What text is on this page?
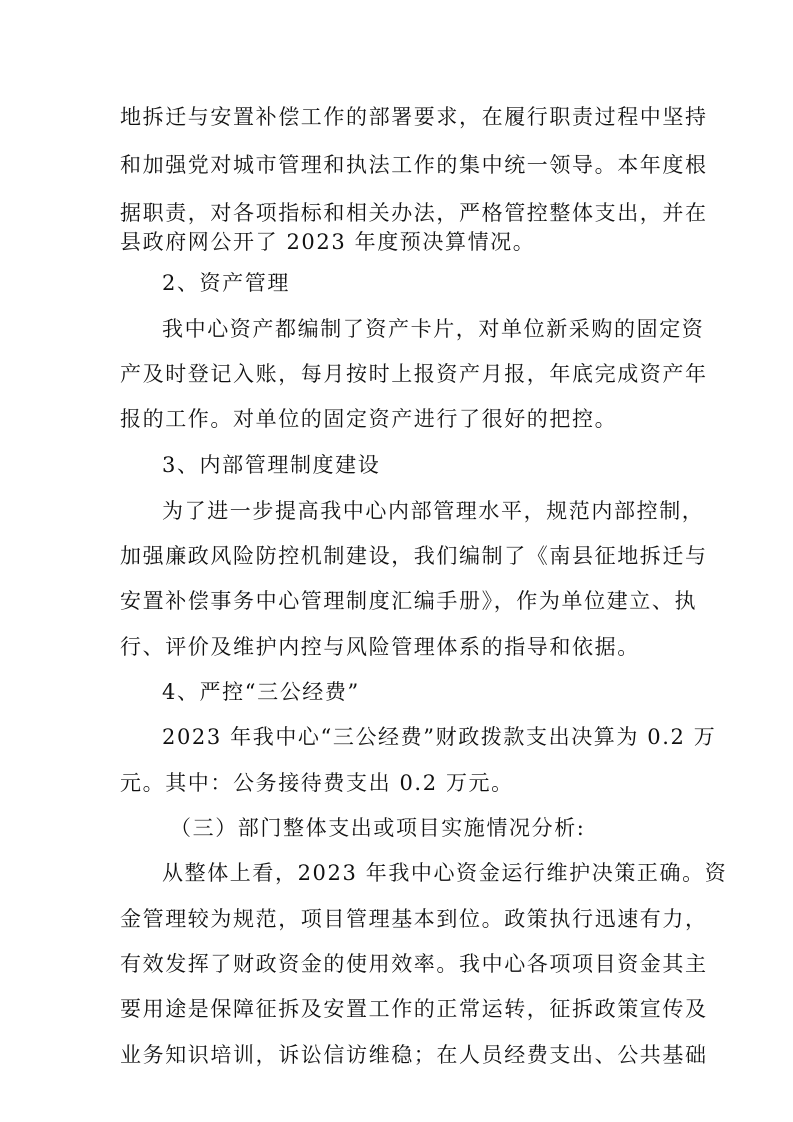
地拆迁与安置补偿工作的部署要求，在履行职责过程中坚持
和加强党对城市管理和执法工作的集中统一领导。本年度根
据职责，对各项指标和相关办法，严格管控整体支出，并在
县政府网公开了 2023 年度预决算情况。
2、资产管理
我中心资产都编制了资产卡片，对单位新采购的固定资
产及时登记入账，每月按时上报资产月报，年底完成资产年
报的工作。对单位的固定资产进行了很好的把控。
3、内部管理制度建设
为了进一步提高我中心内部管理水平，规范内部控制，
加强廉政风险防控机制建设，我们编制了《南县征地拆迁与
安置补偿事务中心管理制度汇编手册》，作为单位建立、执
行、评价及维护内控与风险管理体系的指导和依据。
4、严控“三公经费”
2023 年我中心“三公经费”财政拨款支出决算为 0.2 万
元。其中：公务接待费支出 0.2 万元。
（三）部门整体支出或项目实施情况分析:
从整体上看，2023 年我中心资金运行维护决策正确。资
金管理较为规范，项目管理基本到位。政策执行迅速有力，
有效发挥了财政资金的使用效率。我中心各项项目资金其主
要用途是保障征拆及安置工作的正常运转，征拆政策宣传及
业务知识培训，诉讼信访维稳；在人员经费支出、公共基础
